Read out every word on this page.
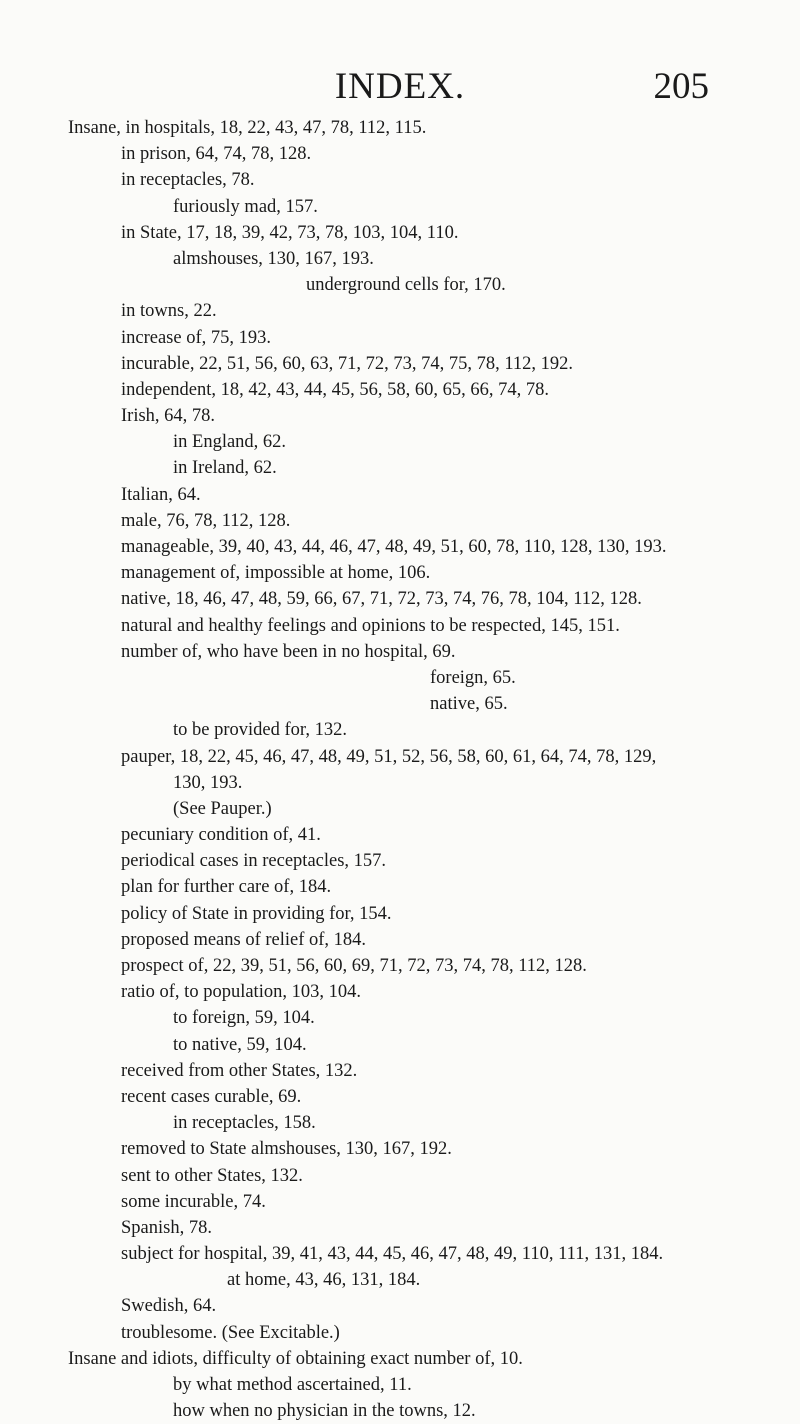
INDEX.	205
Insane, in hospitals, 18, 22, 43, 47, 78, 112, 115.
in prison, 64, 74, 78, 128.
in receptacles, 78.
furiously mad, 157.
in State, 17, 18, 39, 42, 73, 78, 103, 104, 110.
almshouses, 130, 167, 193.
underground cells for, 170.
in towns, 22.
increase of, 75, 193.
incurable, 22, 51, 56, 60, 63, 71, 72, 73, 74, 75, 78, 112, 192.
independent, 18, 42, 43, 44, 45, 56, 58, 60, 65, 66, 74, 78.
Irish, 64, 78.
in England, 62.
in Ireland, 62.
Italian, 64.
male, 76, 78, 112, 128.
manageable, 39, 40, 43, 44, 46, 47, 48, 49, 51, 60, 78, 110, 128, 130, 193.
management of, impossible at home, 106.
native, 18, 46, 47, 48, 59, 66, 67, 71, 72, 73, 74, 76, 78, 104, 112, 128.
natural and healthy feelings and opinions to be respected, 145, 151.
number of, who have been in no hospital, 69.
foreign, 65.
native, 65.
to be provided for, 132.
pauper, 18, 22, 45, 46, 47, 48, 49, 51, 52, 56, 58, 60, 61, 64, 74, 78, 129,
130, 193.
(See Pauper.)
pecuniary condition of, 41.
periodical cases in receptacles, 157.
plan for further care of, 184.
policy of State in providing for, 154.
proposed means of relief of, 184.
prospect of, 22, 39, 51, 56, 60, 69, 71, 72, 73, 74, 78, 112, 128.
ratio of, to population, 103, 104.
to foreign, 59, 104.
to native, 59, 104.
received from other States, 132.
recent cases curable, 69.
in receptacles, 158.
removed to State almshouses, 130, 167, 192.
sent to other States, 132.
some incurable, 74.
Spanish, 78.
subject for hospital, 39, 41, 43, 44, 45, 46, 47, 48, 49, 110, 111, 131, 184.
at home, 43, 46, 131, 184.
Swedish, 64.
troublesome. (See Excitable.)
Insane and idiots, difficulty of obtaining exact number of, 10.
by what method ascertained, 11.
how when no physician in the towns, 12.
